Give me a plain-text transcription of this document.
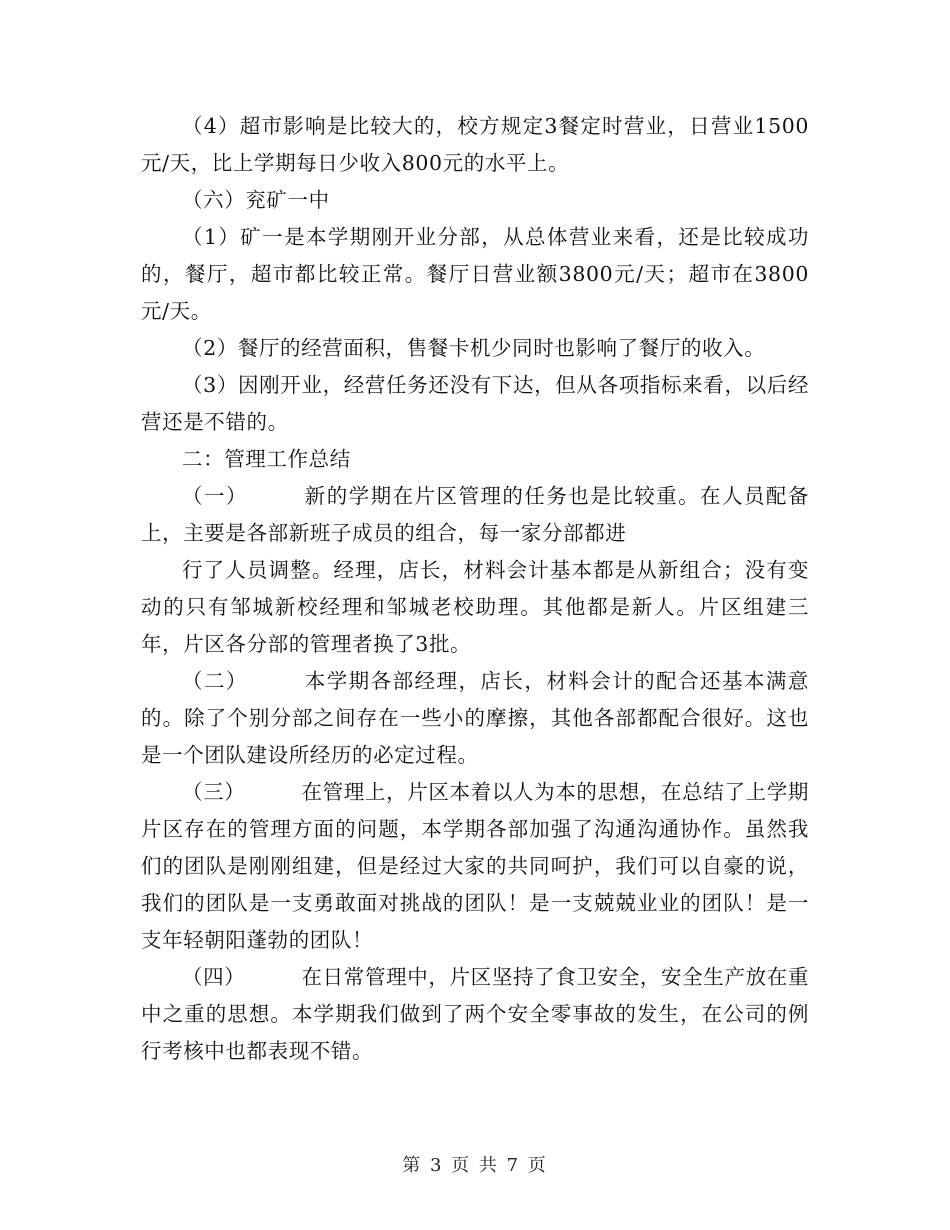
（4）超市影响是比较大的，校方规定3餐定时营业，日营业1500元/天，比上学期每日少收入800元的水平上。

（六）兖矿一中

（1）矿一是本学期刚开业分部，从总体营业来看，还是比较成功的，餐厅，超市都比较正常。餐厅日营业额3800元/天；超市在3800元/天。

（2）餐厅的经营面积，售餐卡机少同时也影响了餐厅的收入。

（3）因刚开业，经营任务还没有下达，但从各项指标来看，以后经营还是不错的。

二：管理工作总结

（一）	新的学期在片区管理的任务也是比较重。在人员配备上，主要是各部新班子成员的组合，每一家分部都进

行了人员调整。经理，店长，材料会计基本都是从新组合；没有变动的只有邹城新校经理和邹城老校助理。其他都是新人。片区组建三年，片区各分部的管理者换了3批。

（二）	本学期各部经理，店长，材料会计的配合还基本满意的。除了个别分部之间存在一些小的摩擦，其他各部都配合很好。这也是一个团队建设所经历的必定过程。

（三）	在管理上，片区本着以人为本的思想，在总结了上学期片区存在的管理方面的问题，本学期各部加强了沟通沟通协作。虽然我们的团队是刚刚组建，但是经过大家的共同呵护，我们可以自豪的说，我们的团队是一支勇敢面对挑战的团队！是一支兢兢业业的团队！是一支年轻朝阳蓬勃的团队！

（四）	在日常管理中，片区坚持了食卫安全，安全生产放在重中之重的思想。本学期我们做到了两个安全零事故的发生，在公司的例行考核中也都表现不错。

第 3 页 共 7 页
